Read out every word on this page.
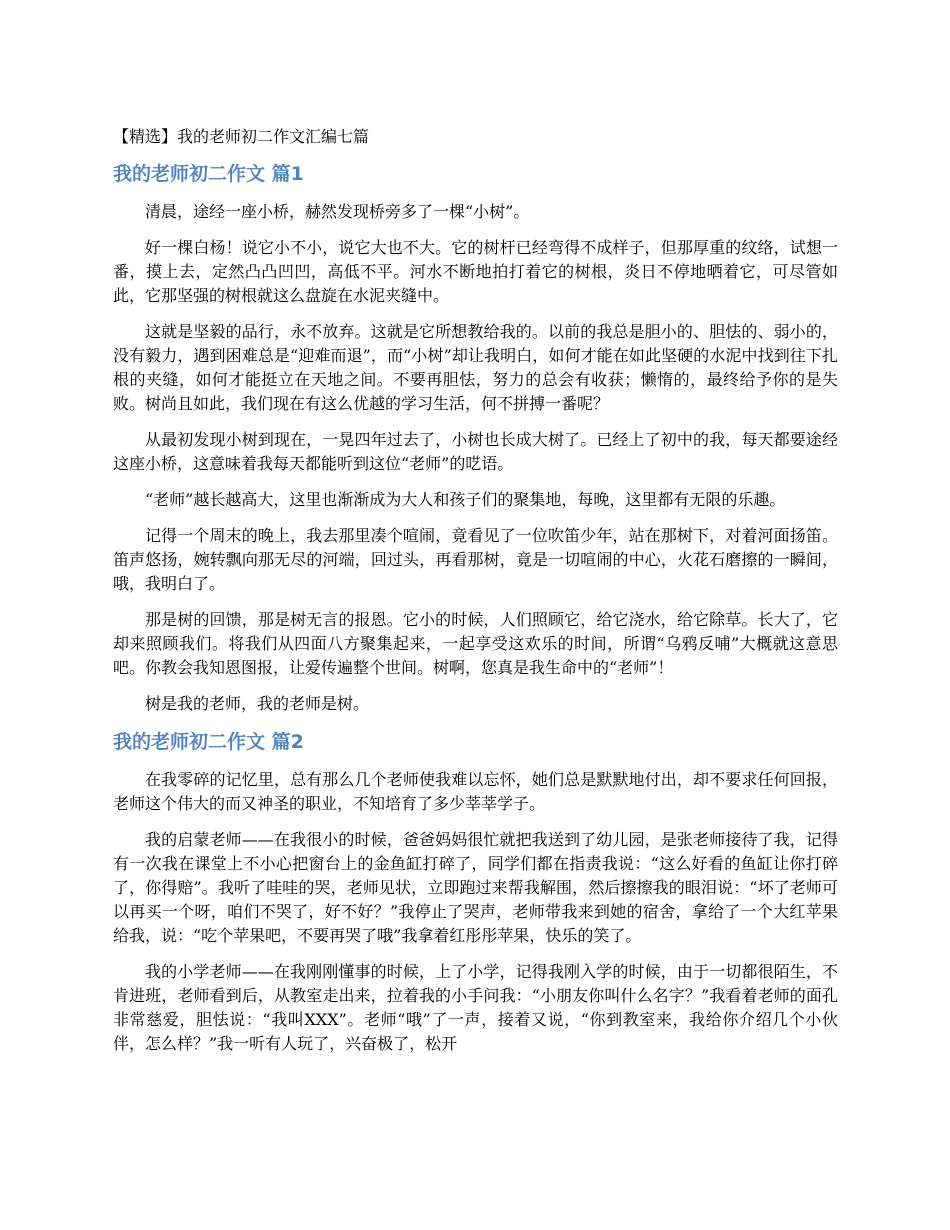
【精选】我的老师初二作文汇编七篇
我的老师初二作文 篇1

清晨，途经一座小桥，赫然发现桥旁多了一棵“小树”。

好一棵白杨！说它小不小，说它大也不大。它的树杆已经弯得不成样子，但那厚重的纹络，试想一番，摸上去，定然凸凸凹凹，高低不平。河水不断地拍打着它的树根，炎日不停地晒着它，可尽管如此，它那坚强的树根就这么盘旋在水泥夹缝中。

这就是坚毅的品行，永不放弃。这就是它所想教给我的。以前的我总是胆小的、胆怯的、弱小的，没有毅力，遇到困难总是“迎难而退”，而“小树”却让我明白，如何才能在如此坚硬的水泥中找到往下扎根的夹缝，如何才能挺立在天地之间。不要再胆怯，努力的总会有收获；懒惰的，最终给予你的是失败。树尚且如此，我们现在有这么优越的学习生活，何不拼搏一番呢？

从最初发现小树到现在，一晃四年过去了，小树也长成大树了。已经上了初中的我，每天都要途经这座小桥，这意味着我每天都能听到这位“老师”的呓语。

“老师”越长越高大，这里也渐渐成为大人和孩子们的聚集地，每晚，这里都有无限的乐趣。

记得一个周末的晚上，我去那里凑个喧闹，竟看见了一位吹笛少年，站在那树下，对着河面扬笛。笛声悠扬，婉转飘向那无尽的河端，回过头，再看那树，竟是一切喧闹的中心，火花石磨擦的一瞬间，哦，我明白了。

那是树的回馈，那是树无言的报恩。它小的时候，人们照顾它，给它浇水，给它除草。长大了，它却来照顾我们。将我们从四面八方聚集起来，一起享受这欢乐的时间，所谓“乌鸦反哺”大概就这意思吧。你教会我知恩图报，让爱传遍整个世间。树啊，您真是我生命中的“老师”！

树是我的老师，我的老师是树。

我的老师初二作文 篇2

在我零碎的记忆里，总有那么几个老师使我难以忘怀，她们总是默默地付出，却不要求任何回报，老师这个伟大的而又神圣的职业，不知培育了多少莘莘学子。

我的启蒙老师——在我很小的时候，爸爸妈妈很忙就把我送到了幼儿园，是张老师接待了我，记得有一次我在课堂上不小心把窗台上的金鱼缸打碎了，同学们都在指责我说：“这么好看的鱼缸让你打碎了，你得赔”。我听了哇哇的哭，老师见状，立即跑过来帮我解围，然后擦擦我的眼泪说：“坏了老师可以再买一个呀，咱们不哭了，好不好？”我停止了哭声，老师带我来到她的宿舍，拿给了一个大红苹果给我，说：“吃个苹果吧，不要再哭了哦”我拿着红彤彤苹果，快乐的笑了。

我的小学老师——在我刚刚懂事的时候，上了小学，记得我刚入学的时候，由于一切都很陌生，不肯进班，老师看到后，从教室走出来，拉着我的小手问我：“小朋友你叫什么名字？”我看着老师的面孔非常慈爱，胆怯说：“我叫XXX”。老师“哦”了一声，接着又说，“你到教室来，我给你介绍几个小伙伴，怎么样？”我一听有人玩了，兴奋极了，松开
